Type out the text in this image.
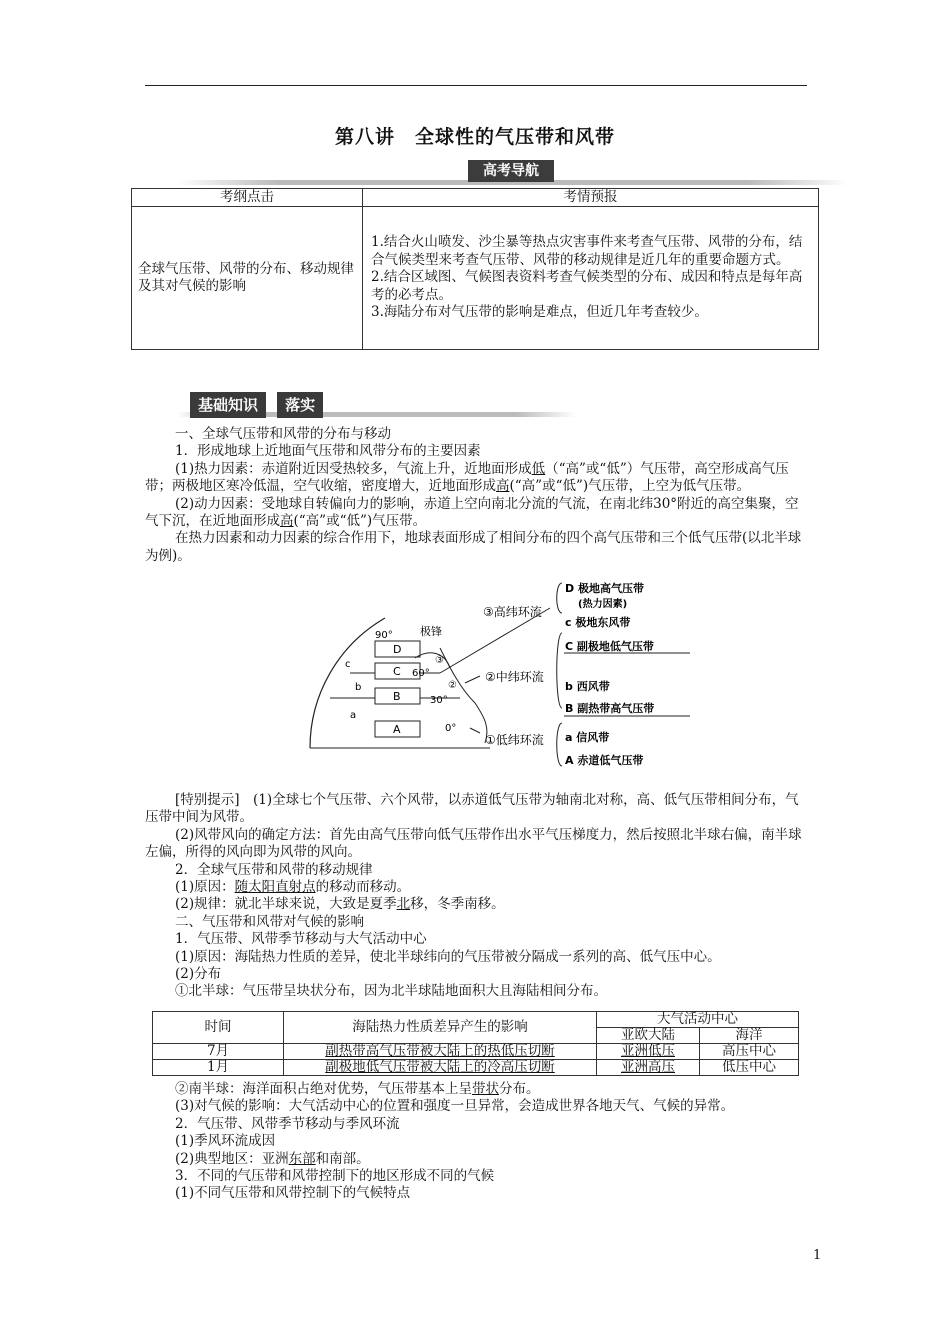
第八讲　全球性的气压带和风带
高考导航
考纲点击	考情预报
全球气压带、风带的分布、移动规律及其对气候的影响	1.结合火山喷发、沙尘暴等热点灾害事件来考查气压带、风带的分布，结合气候类型来考查气压带、风带的移动规律是近几年的重要命题方式。
2.结合区域图、气候图表资料考查气候类型的分布、成因和特点是每年高考的必考点。
3.海陆分布对气压带的影响是难点，但近几年考查较少。
基础知识 落实

一、全球气压带和风带的分布与移动

1．形成地球上近地面气压带和风带分布的主要因素

(1)热力因素：赤道附近因受热较多，气流上升，近地面形成低（“高”或“低”）气压带，高空形成高气压带；两极地区寒冷低温，空气收缩，密度增大，近地面形成高(“高”或“低”)气压带，上空为低气压带。

(2)动力因素：受地球自转偏向力的影响，赤道上空向南北分流的气流，在南北纬30°附近的高空集聚，空气下沉，在近地面形成高(“高”或“低”)气压带。

在热力因素和动力因素的综合作用下，地球表面形成了相间分布的四个高气压带和三个低气压带(以北半球为例)。

A
B
C
D
a
b
c
90°
60°
30°
0°
极锋
③高纬环流
②中纬环流
①低纬环流
②
③
D 极地高气压带
(热力因素)
c 极地东风带
C 副极地低气压带
b 西风带
B 副热带高气压带
a 信风带
A 赤道低气压带

[特别提示]　(1)全球七个气压带、六个风带，以赤道低气压带为轴南北对称，高、低气压带相间分布，气压带中间为风带。

(2)风带风向的确定方法：首先由高气压带向低气压带作出水平气压梯度力，然后按照北半球右偏，南半球左偏，所得的风向即为风带的风向。

2．全球气压带和风带的移动规律

(1)原因：随太阳直射点的移动而移动。

(2)规律：就北半球来说，大致是夏季北移，冬季南移。

二、气压带和风带对气候的影响

1．气压带、风带季节移动与大气活动中心

(1)原因：海陆热力性质的差异，使北半球纬向的气压带被分隔成一系列的高、低气压中心。

(2)分布

①北半球：气压带呈块状分布，因为北半球陆地面积大且海陆相间分布。

时间	海陆热力性质差异产生的影响	大气活动中心	
		亚欧大陆	海洋
7月	副热带高气压带被大陆上的热低压切断	亚洲低压	高压中心
1月	副极地低气压带被大陆上的冷高压切断	亚洲高压	低压中心

②南半球：海洋面积占绝对优势，气压带基本上呈带状分布。

(3)对气候的影响：大气活动中心的位置和强度一旦异常，会造成世界各地天气、气候的异常。

2．气压带、风带季节移动与季风环流

(1)季风环流成因

(2)典型地区：亚洲东部和南部。

3．不同的气压带和风带控制下的地区形成不同的气候

(1)不同气压带和风带控制下的气候特点

1
